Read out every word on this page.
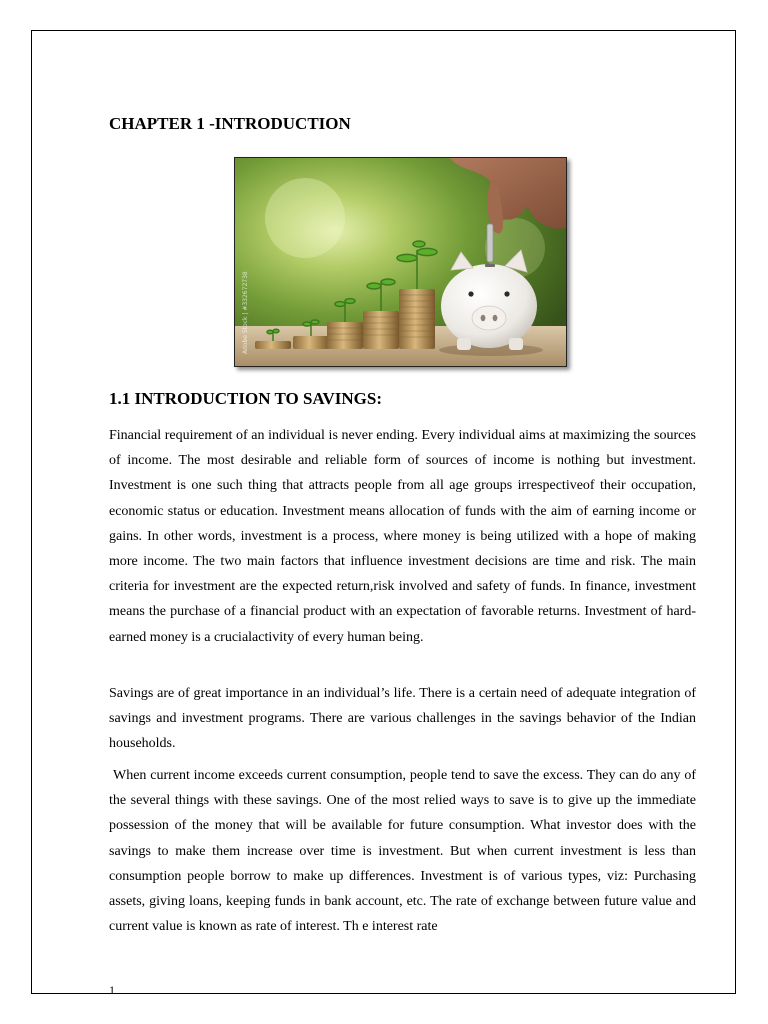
CHAPTER 1 -INTRODUCTION
Adobe Stock | #332672738
1.1 INTRODUCTION TO SAVINGS:

Financial requirement of an individual is never ending. Every individual aims at maximizing the sources of income. The most desirable and reliable form of sources of income is nothing but investment. Investment is one such thing that attracts people from all age groups irrespectiveof their occupation, economic status or education. Investment means allocation of funds with the aim of earning income or gains. In other words, investment is a process, where money is being utilized with a hope of making more income. The two main factors that influence investment decisions are time and risk. The main criteria for investment are the expected return,risk involved and safety of funds. In finance, investment means the purchase of a financial product with an expectation of favorable returns. Investment of hard-earned money is a crucialactivity of every human being.

Savings are of great importance in an individual’s life. There is a certain need of adequate integration of savings and investment programs. There are various challenges in the savings behavior of the Indian households.

When current income exceeds current consumption, people tend to save the excess. They can do any of the several things with these savings. One of the most relied ways to save is to give up the immediate possession of the money that will be available for future consumption. What investor does with the savings to make them increase over time is investment. But when current investment is less than consumption people borrow to make up differences. Investment is of various types, viz: Purchasing assets, giving loans, keeping funds in bank account, etc. The rate of exchange between future value and current value is known as rate of interest. Th e interest rate

1
